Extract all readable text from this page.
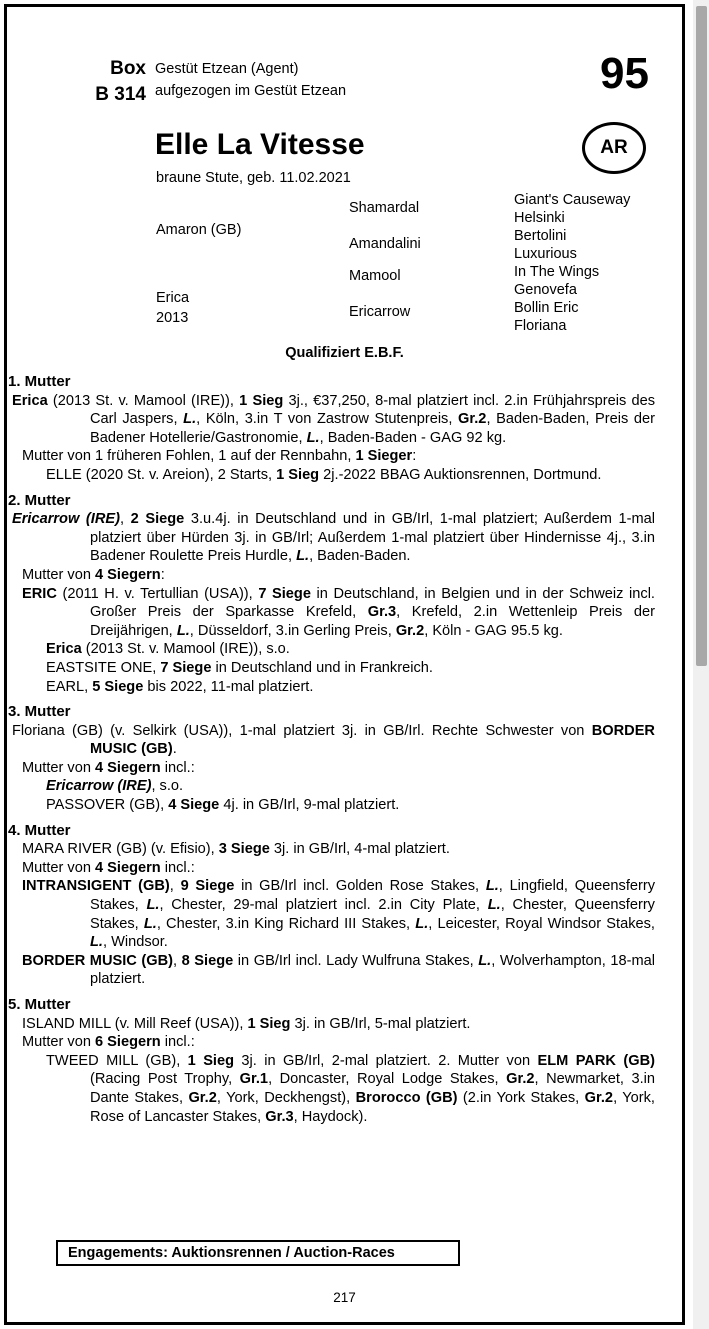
Box
B 314
Gestüt Etzean (Agent)
aufgezogen im Gestüt Etzean	95
Elle La Vitesse
braune Stute, geb. 11.02.2021
AR
Amaron (GB)
Erica
2013
Shamardal
Amandalini
Mamool
Ericarrow
Giant's Causeway
Helsinki
Bertolini
Luxurious
In The Wings
Genovefa
Bollin Eric
Floriana
Qualifiziert E.B.F.
1. Mutter
Erica (2013 St. v. Mamool (IRE)), 1 Sieg 3j., €37,250, 8-mal platziert incl. 2.in Frühjahrspreis des Carl Jaspers, L., Köln, 3.in T von Zastrow Stutenpreis, Gr.2, Baden-Baden, Preis der Badener Hotellerie/Gastronomie, L., Baden-Baden - GAG 92 kg.
Mutter von 1 früheren Fohlen, 1 auf der Rennbahn, 1 Sieger:
ELLE (2020 St. v. Areion), 2 Starts, 1 Sieg 2j.-2022 BBAG Auktionsrennen, Dortmund.
2. Mutter
Ericarrow (IRE), 2 Siege 3.u.4j. in Deutschland und in GB/Irl, 1-mal platziert; Außerdem 1-mal platziert über Hürden 3j. in GB/Irl; Außerdem 1-mal platziert über Hindernisse 4j., 3.in Badener Roulette Preis Hurdle, L., Baden-Baden.
Mutter von 4 Siegern:
ERIC (2011 H. v. Tertullian (USA)), 7 Siege in Deutschland, in Belgien und in der Schweiz incl. Großer Preis der Sparkasse Krefeld, Gr.3, Krefeld, 2.in Wettenleip Preis der Dreijährigen, L., Düsseldorf, 3.in Gerling Preis, Gr.2, Köln - GAG 95.5 kg.
Erica (2013 St. v. Mamool (IRE)), s.o.
EASTSITE ONE, 7 Siege in Deutschland und in Frankreich.
EARL, 5 Siege bis 2022, 11-mal platziert.
3. Mutter
Floriana (GB) (v. Selkirk (USA)), 1-mal platziert 3j. in GB/Irl. Rechte Schwester von BORDER MUSIC (GB).
Mutter von 4 Siegern incl.:
Ericarrow (IRE), s.o.
PASSOVER (GB), 4 Siege 4j. in GB/Irl, 9-mal platziert.
4. Mutter
MARA RIVER (GB) (v. Efisio), 3 Siege 3j. in GB/Irl, 4-mal platziert.
Mutter von 4 Siegern incl.:
INTRANSIGENT (GB), 9 Siege in GB/Irl incl. Golden Rose Stakes, L., Lingfield, Queensferry Stakes, L., Chester, 29-mal platziert incl. 2.in City Plate, L., Chester, Queensferry Stakes, L., Chester, 3.in King Richard III Stakes, L., Leicester, Royal Windsor Stakes, L., Windsor.
BORDER MUSIC (GB), 8 Siege in GB/Irl incl. Lady Wulfruna Stakes, L., Wolverhampton, 18-mal platziert.
5. Mutter
ISLAND MILL (v. Mill Reef (USA)), 1 Sieg 3j. in GB/Irl, 5-mal platziert.
Mutter von 6 Siegern incl.:
TWEED MILL (GB), 1 Sieg 3j. in GB/Irl, 2-mal platziert. 2. Mutter von ELM PARK (GB) (Racing Post Trophy, Gr.1, Doncaster, Royal Lodge Stakes, Gr.2, Newmarket, 3.in Dante Stakes, Gr.2, York, Deckhengst), Brorocco (GB) (2.in York Stakes, Gr.2, York, Rose of Lancaster Stakes, Gr.3, Haydock).
Engagements: Auktionsrennen / Auction-Races
217
